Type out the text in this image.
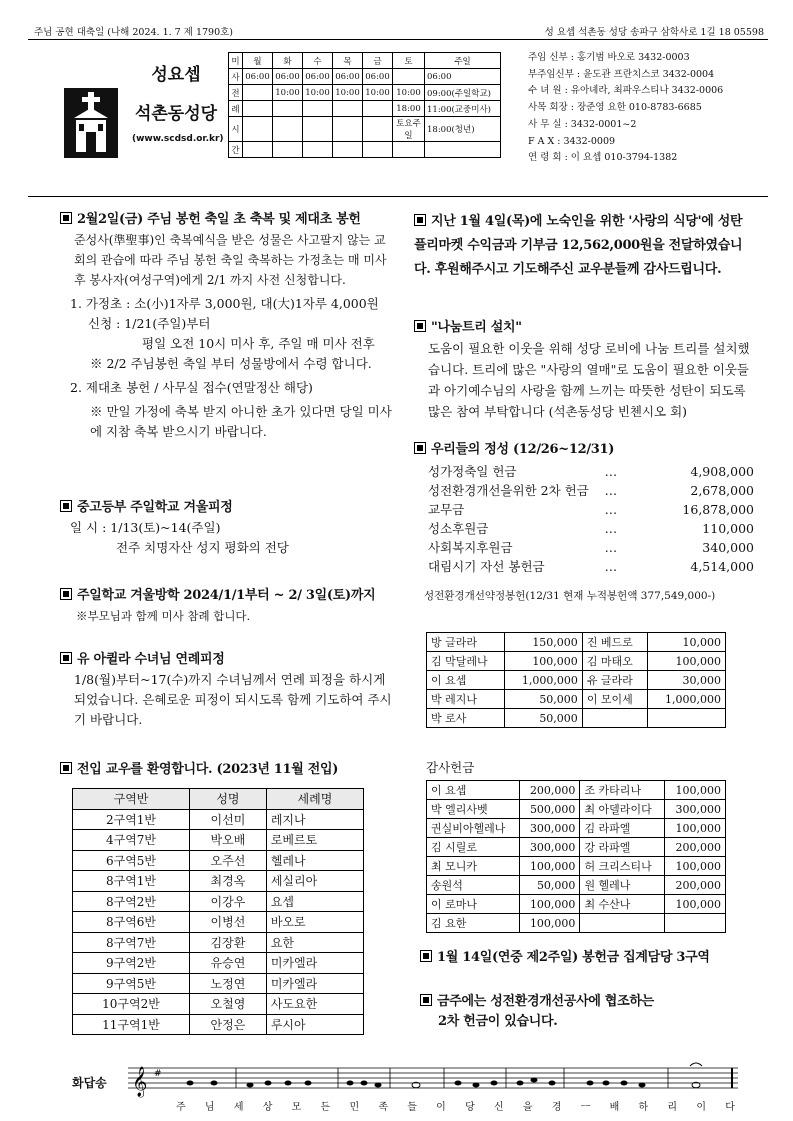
주님 공현 대축일 (나해 2024. 1. 7 제 1790호)	성 요셉 석촌동 성당 송파구 삼학사로 1길 18 05598
성요셉
석촌동성당
(www.scdsd.or.kr)
미	월	화	수	목	금	토	주일
사	06:00	06:00	06:00	06:00	06:00		06:00
전		10:00	10:00	10:00	10:00	10:00	09:00(주일학교)
례						18:00	11:00(교중미사)
시						토요주일	18:00(청년)
간							
주임 신부 : 홍기범 바오로 3432-0003
부주임신부 : 윤도관 프란치스코 3432-0004
수 녀 원 : 유아녜라, 최파우스티나 3432-0006
사목 회장 : 장준영 요한 010-8783-6685
사 무 실 : 3432-0001~2
F A X : 3432-0009
연 령 회 : 이 요셉 010-3794-1382
2월2일(금) 주님 봉헌 축일 초 축복 및 제대초 봉헌
준성사(準聖事)인 축복예식을 받은 성물은 사고팔지 않는 교회의 관습에 따라 주님 봉헌 축일 축복하는 가정초는 매 미사 후 봉사자(여성구역)에게 2/1 까지 사전 신청합니다.
1. 가정초 : 소(小)1자루 3,000원, 대(大)1자루 4,000원
신청 : 1/21(주일)부터
평일 오전 10시 미사 후, 주일 매 미사 전후
※ 2/2 주님봉헌 축일 부터 성물방에서 수령 합니다.
2. 제대초 봉헌 / 사무실 접수(연말정산 해당)
※ 만일 가정에 축복 받지 아니한 초가 있다면 당일 미사에 지참 축복 받으시기 바랍니다.
중고등부 주일학교 겨울피정
일 시 : 1/13(토)~14(주일)
전주 치명자산 성지 평화의 전당
주일학교 겨울방학 2024/1/1부터 ~ 2/ 3일(토)까지
※부모님과 함께 미사 참례 합니다.
유 아퀼라 수녀님 연례피정
1/8(월)부터~17(수)까지 수녀님께서 연례 피정을 하시게 되었습니다. 은혜로운 피정이 되시도록 함께 기도하여 주시기 바랍니다.
전입 교우를 환영합니다. (2023년 11월 전입)
구역반	성명	세례명
2구역1반	이선미	레지나
4구역7반	박오배	로베르토
6구역5반	오주선	헬레나
8구역1반	최경옥	세실리아
8구역2반	이강우	요셉
8구역6반	이병선	바오로
8구역7반	김장환	요한
9구역2반	유승연	미카엘라
9구역5반	노정연	미카엘라
10구역2반	오철영	사도요한
11구역1반	안정은	루시아
지난 1월 4일(목)에 노숙인을 위한 '사랑의 식당'에 성탄 플리마켓 수익금과 기부금 12,562,000원을 전달하였습니다. 후원해주시고 기도해주신 교우분들께 감사드립니다.
"나눔트리 설치"
도움이 필요한 이웃을 위해 성당 로비에 나눔 트리를 설치했습니다. 트리에 많은 "사랑의 열매"로 도움이 필요한 이웃들과 아기예수님의 사랑을 함께 느끼는 따뜻한 성탄이 되도록 많은 참여 부탁합니다 (석촌동성당 빈첸시오 회)
우리들의 정성 (12/26~12/31)
성가정축일 헌금	…	4,908,000
성전환경개선을위한 2차 헌금	…	2,678,000
교무금	…	16,878,000
성소후원금	…	110,000
사회복지후원금	…	340,000
대림시기 자선 봉헌금	…	4,514,000
성전환경개선약정봉헌(12/31 현재 누적봉헌액 377,549,000-)
방 글라라	150,000	진 베드로	10,000
김 막달레나	100,000	김 마태오	100,000
이 요셉	1,000,000	유 글라라	30,000
박 레지나	50,000	이 모이세	1,000,000
박 로사	50,000		
감사헌금
이 요셉	200,000	조 카타리나	100,000
박 엘리사벳	500,000	최 아델라이다	300,000
권실비아헬레나	300,000	김 라파엘	100,000
김 시릴로	300,000	강 라파엘	200,000
최 모니카	100,000	허 크리스티나	100,000
송원석	50,000	원 헬레나	200,000
이 로마나	100,000	최 수산나	100,000
김 요한	100,000		
1월 14일(연중 제2주일) 봉헌금 집계담당 3구역
금주에는 성전환경개선공사에 협조하는
2차 헌금이 있습니다.
화답송 𝄞 #
주 님 세 상 모 든 민 족 들 이 당 신 을 경 ㅡ 배 하 리 이 다
